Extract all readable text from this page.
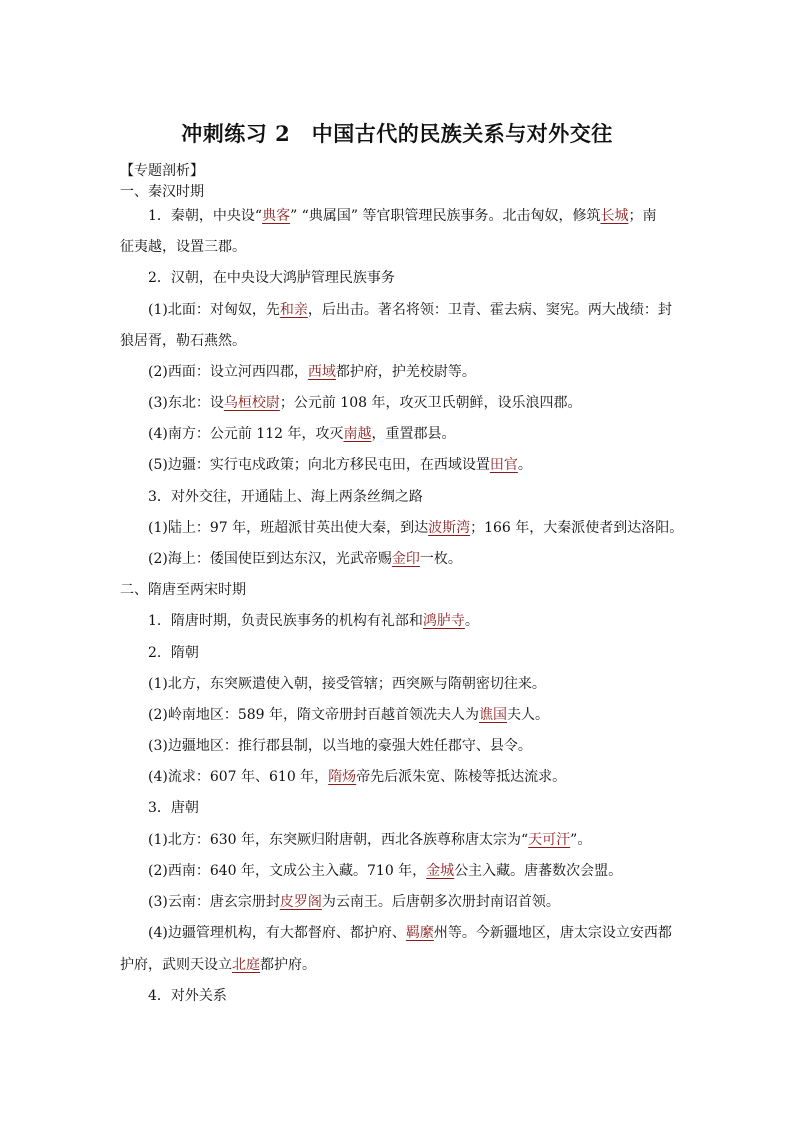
冲刺练习 2　中国古代的民族关系与对外交往
【专题剖析】
一、秦汉时期
1．秦朝，中央设“典客” “典属国” 等官职管理民族事务。北击匈奴，修筑长城；南
征夷越，设置三郡。
2．汉朝，在中央设大鸿胪管理民族事务
(1)北面：对匈奴，先和亲，后出击。著名将领：卫青、霍去病、窦宪。两大战绩：封
狼居胥，勒石燕然。
(2)西面：设立河西四郡，西域都护府，护羌校尉等。
(3)东北：设乌桓校尉；公元前 108 年，攻灭卫氏朝鲜，设乐浪四郡。
(4)南方：公元前 112 年，攻灭南越，重置郡县。
(5)边疆：实行屯戍政策；向北方移民屯田，在西域设置田官。
3．对外交往，开通陆上、海上两条丝绸之路
(1)陆上：97 年，班超派甘英出使大秦，到达波斯湾；166 年，大秦派使者到达洛阳。
(2)海上：倭国使臣到达东汉，光武帝赐金印一枚。
二、隋唐至两宋时期
1．隋唐时期，负责民族事务的机构有礼部和鸿胪寺。
2．隋朝
(1)北方，东突厥遣使入朝，接受管辖；西突厥与隋朝密切往来。
(2)岭南地区：589 年，隋文帝册封百越首领冼夫人为谯国夫人。
(3)边疆地区：推行郡县制，以当地的豪强大姓任郡守、县令。
(4)流求：607 年、610 年，隋炀帝先后派朱宽、陈棱等抵达流求。
3．唐朝
(1)北方：630 年，东突厥归附唐朝，西北各族尊称唐太宗为“天可汗”。
(2)西南：640 年，文成公主入藏。710 年，金城公主入藏。唐蕃数次会盟。
(3)云南：唐玄宗册封皮罗阁为云南王。后唐朝多次册封南诏首领。
(4)边疆管理机构，有大都督府、都护府、羁縻州等。今新疆地区，唐太宗设立安西都
护府，武则天设立北庭都护府。
4．对外关系
